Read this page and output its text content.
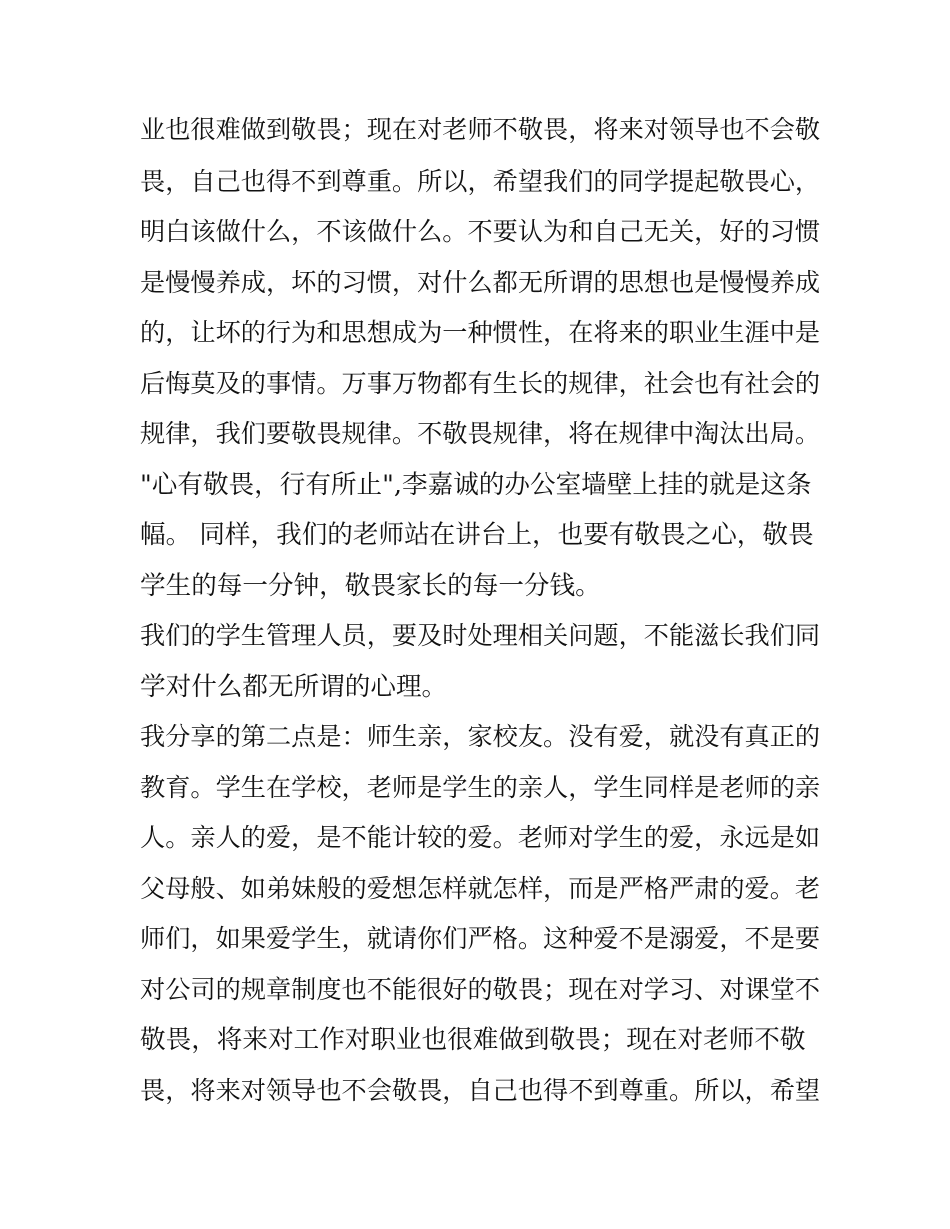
业也很难做到敬畏；现在对老师不敬畏，将来对领导也不会敬
畏，自己也得不到尊重。所以，希望我们的同学提起敬畏心，
明白该做什么，不该做什么。不要认为和自己无关，好的习惯
是慢慢养成，坏的习惯，对什么都无所谓的思想也是慢慢养成
的，让坏的行为和思想成为一种惯性，在将来的职业生涯中是
后悔莫及的事情。万事万物都有生长的规律，社会也有社会的
规律，我们要敬畏规律。不敬畏规律，将在规律中淘汰出局。
"心有敬畏，行有所止",李嘉诚的办公室墙壁上挂的就是这条
幅。 同样，我们的老师站在讲台上，也要有敬畏之心，敬畏
学生的每一分钟，敬畏家长的每一分钱。
我们的学生管理人员，要及时处理相关问题，不能滋长我们同
学对什么都无所谓的心理。
我分享的第二点是：师生亲，家校友。没有爱，就没有真正的
教育。学生在学校，老师是学生的亲人，学生同样是老师的亲
人。亲人的爱，是不能计较的爱。老师对学生的爱，永远是如
父母般、如弟妹般的爱想怎样就怎样，而是严格严肃的爱。老
师们，如果爱学生，就请你们严格。这种爱不是溺爱，不是要
对公司的规章制度也不能很好的敬畏；现在对学习、对课堂不
敬畏，将来对工作对职业也很难做到敬畏；现在对老师不敬
畏，将来对领导也不会敬畏，自己也得不到尊重。所以，希望
